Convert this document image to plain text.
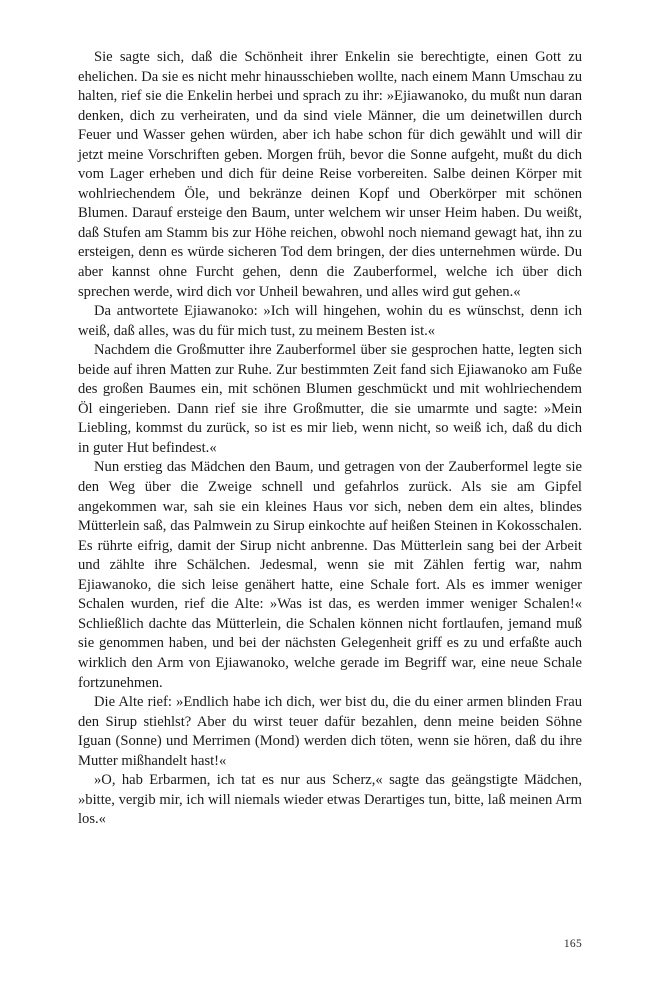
Sie sagte sich, daß die Schönheit ihrer Enkelin sie berechtigte, einen Gott zu ehelichen. Da sie es nicht mehr hinausschieben wollte, nach einem Mann Umschau zu halten, rief sie die Enkelin herbei und sprach zu ihr: »Ejiawanoko, du mußt nun daran denken, dich zu verheiraten, und da sind viele Männer, die um deinetwillen durch Feuer und Wasser gehen würden, aber ich habe schon für dich gewählt und will dir jetzt meine Vorschriften geben. Morgen früh, bevor die Sonne aufgeht, mußt du dich vom Lager erheben und dich für deine Reise vorbereiten. Salbe deinen Körper mit wohlriechendem Öle, und bekränze deinen Kopf und Oberkörper mit schönen Blumen. Darauf ersteige den Baum, unter welchem wir unser Heim haben. Du weißt, daß Stufen am Stamm bis zur Höhe reichen, obwohl noch niemand gewagt hat, ihn zu ersteigen, denn es würde sicheren Tod dem bringen, der dies unternehmen würde. Du aber kannst ohne Furcht gehen, denn die Zauberformel, welche ich über dich sprechen werde, wird dich vor Unheil bewahren, und alles wird gut gehen.«

Da antwortete Ejiawanoko: »Ich will hingehen, wohin du es wünschst, denn ich weiß, daß alles, was du für mich tust, zu meinem Besten ist.«

Nachdem die Großmutter ihre Zauberformel über sie gesprochen hatte, legten sich beide auf ihren Matten zur Ruhe. Zur bestimmten Zeit fand sich Ejiawanoko am Fuße des großen Baumes ein, mit schönen Blumen geschmückt und mit wohlriechendem Öl eingerieben. Dann rief sie ihre Großmutter, die sie umarmte und sagte: »Mein Liebling, kommst du zurück, so ist es mir lieb, wenn nicht, so weiß ich, daß du dich in guter Hut befindest.«

Nun erstieg das Mädchen den Baum, und getragen von der Zauberformel legte sie den Weg über die Zweige schnell und gefahrlos zurück. Als sie am Gipfel angekommen war, sah sie ein kleines Haus vor sich, neben dem ein altes, blindes Mütterlein saß, das Palmwein zu Sirup einkochte auf heißen Steinen in Kokosschalen. Es rührte eifrig, damit der Sirup nicht anbrenne. Das Mütterlein sang bei der Arbeit und zählte ihre Schälchen. Jedesmal, wenn sie mit Zählen fertig war, nahm Ejiawanoko, die sich leise genähert hatte, eine Schale fort. Als es immer weniger Schalen wurden, rief die Alte: »Was ist das, es werden immer weniger Schalen!« Schließlich dachte das Mütterlein, die Schalen können nicht fortlaufen, jemand muß sie genommen haben, und bei der nächsten Gelegenheit griff es zu und erfaßte auch wirklich den Arm von Ejiawanoko, welche gerade im Begriff war, eine neue Schale fortzunehmen.

Die Alte rief: »Endlich habe ich dich, wer bist du, die du einer armen blinden Frau den Sirup stiehlst? Aber du wirst teuer dafür bezahlen, denn meine beiden Söhne Iguan (Sonne) und Merrimen (Mond) werden dich töten, wenn sie hören, daß du ihre Mutter mißhandelt hast!«

»O, hab Erbarmen, ich tat es nur aus Scherz,« sagte das geängstigte Mädchen, »bitte, vergib mir, ich will niemals wieder etwas Derartiges tun, bitte, laß meinen Arm los.«

165
